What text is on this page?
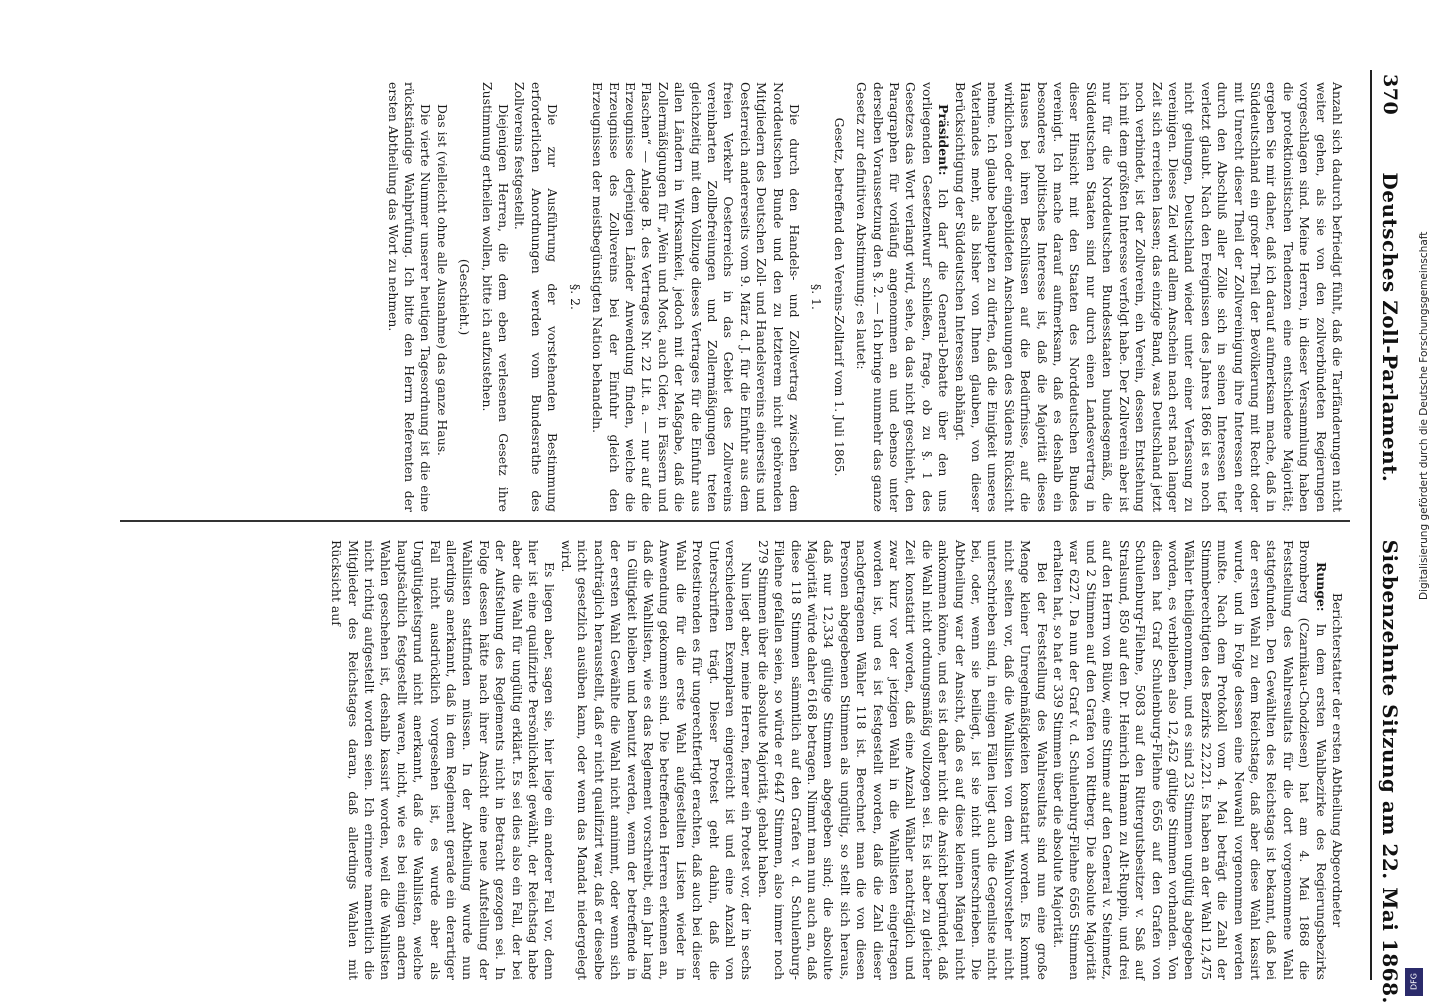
370
Deutsches Zoll-Parlament.
Siebenzehnte Sitzung am 22. Mai 1868.

Anzahl sich dadurch befriedigt fühlt, daß die Tarifänderungen nicht weiter gehen, als sie von den zollverbündeten Regierungen vorgeschlagen sind. Meine Herren, in dieser Versammlung haben die protektionistischen Tendenzen eine entschiedene Majorität; ergeben Sie mir daher, daß ich darauf aufmerksam mache, daß in Süddeutschland ein großer Theil der Bevölkerung mit Recht oder mit Unrecht dieser Theil der Zollvereinigung ihre Interessen eher durch den Abschluß aller Zölle sich in seinen Interessen tief verletzt glaubt. Nach den Ereignissen des Jahres 1866 ist es noch nicht gelungen, Deutschland wieder unter einer Verfassung zu vereinigen. Dieses Ziel wird allem Anschein nach erst nach langer Zeit sich erreichen lassen; das einzige Band, was Deutschland jetzt noch verbindet, ist der Zollverein, ein Verein, dessen Entstehung ich mit dem größten Interesse verfolgt habe. Der Zollverein aber ist nur für die Norddeutschen Bundesstaaten bundesgemäß, die Süddeutschen Staaten sind nur durch einen Landesvertrag in dieser Hinsicht mit den Staaten des Norddeutschen Bundes vereinigt. Ich mache darauf aufmerksam, daß es deshalb ein besonderes politisches Interesse ist, daß die Majorität dieses Hauses bei ihren Beschlüssen auf die Bedürfnisse, auf die wirklichen oder eingebildeten Anschauungen des Südens Rücksicht nehme. Ich glaube behaupten zu dürfen, daß die Einigkeit unseres Vaterlandes mehr, als bisher von Ihnen glauben, von dieser Berücksichtigung der Süddeutschen Interessen abhängt.

Präsident: Ich darf die General-Debatte über den uns vorliegenden Gesetzentwurf schließen, frage, ob zu §. 1 des Gesetzes das Wort verlangt wird, sehe, da das nicht geschieht, den Paragraphen für vorläufig angenommen an und ebenso unter derselben Voraussetzung den §. 2. — Ich bringe nunmehr das ganze Gesetz zur definitiven Abstimmung; es lautet:

Gesetz, betreffend den Vereins-Zolltarif vom 1. Juli 1865.
§. 1.

Die durch den Handels- und Zollvertrag zwischen dem Norddeutschen Bunde und den zu letzterem nicht gehörenden Mitgliedern des Deutschen Zoll- und Handelsvereins einerseits und Oesterreich andererseits vom 9. März d. J. für die Einfuhr aus dem freien Verkehr Oesterreichs in das Gebiet des Zollvereins vereinbarten Zollbefreiungen und Zollermäßigungen treten gleichzeitig mit dem Vollzuge dieses Vertrages für die Einfuhr aus allen Ländern in Wirksamkeit, jedoch mit der Maßgabe, daß die Zollermäßigungen für „Wein und Most, auch Cider, in Fässern und Flaschen“ — Anlage B. des Vertrages Nr. 22 Lit. a. — nur auf die Erzeugnisse derjenigen Länder Anwendung finden, welche die Erzeugnisse des Zollvereins bei der Einfuhr gleich den Erzeugnissen der meistbegünstigten Nation behandeln.

§. 2.

Die zur Ausführung der vorstehenden Bestimmung erforderlichen Anordnungen werden vom Bundesrathe des Zollvereins festgestellt.

Diejenigen Herren, die dem eben verlesenen Gesetz ihre Zustimmung ertheilen wollen, bitte ich aufzustehen.

(Geschieht.)

Das ist (vielleicht ohne alle Ausnahme) das ganze Haus.

Die vierte Nummer unserer heutigen Tagesordnung ist die eine rückständige Wahlprüfung. Ich bitte den Herrn Referenten der ersten Abtheilung das Wort zu nehmen.

Digitalisierung gefördert durch die Deutsche Forschungsgemeinschaft
DFG

Berichterstatter der ersten Abtheilung Abgeordneter

Runge: In dem ersten Wahlbezirke des Regierungsbezirks Bromberg (Czarnikau-Chodziesen) hat am 4. Mai 1868 die Feststellung des Wahlresultats für die dort vorgenommene Wahl stattgefunden. Den Gewählten des Reichstags ist bekannt, daß bei der ersten Wahl zu dem Reichstage, daß aber diese Wahl kassirt wurde, und in Folge dessen eine Neuwahl vorgenommen werden mußte. Nach dem Protokoll vom 4. Mai beträgt die Zahl der Stimmberechtigten des Bezirks 22,221. Es haben an der Wahl 12,475 Wähler theilgenommen, und es sind 23 Stimmen ungültig abgegeben worden, es verblieben also 12,452 gültige Stimmen vorhanden. Von diesen hat Graf Schulenburg-Filehne 6565 auf den Grafen von Schulenburg-Filehne, 5083 auf den Rittergutsbesitzer v. Saß auf Stralsund, 850 auf den Dr. Heinrich Hamann zu Alt-Ruppin, und drei auf den Herrn von Bülow, eine Stimme auf den General v. Steinmetz, und 2 Stimmen auf den Grafen von Rittberg. Die absolute Majorität war 6227. Da nun der Graf v. d. Schulenburg-Filehne 6565 Stimmen erhalten hat, so hat er 339 Stimmen über die absolute Majorität.

Bei der Feststellung des Wahlresultats sind nun eine große Menge kleiner Unregelmäßigkeiten konstatirt worden. Es kommt nicht selten vor, daß die Wahllisten von dem Wahlvorsteher nicht unterschrieben sind, in einigen Fällen liegt auch die Gegenliste nicht bei, oder, wenn sie beiliegt, ist sie nicht unterschrieben. Die Abtheilung war der Ansicht, daß es auf diese kleinen Mängel nicht ankommen könne, und es ist daher nicht die Ansicht begründet, daß die Wahl nicht ordnungsmäßig vollzogen sei. Es ist aber zu gleicher Zeit konstatirt worden, daß eine Anzahl Wähler nachträglich und zwar kurz vor der jetzigen Wahl in die Wahllisten eingetragen worden ist, und es ist festgestellt worden, daß die Zahl dieser nachgetragenen Wähler 118 ist. Berechnet man die von diesen Personen abgegebenen Stimmen als ungültig, so stellt sich heraus, daß nur 12,334 gültige Stimmen abgegeben sind; die absolute Majorität würde daher 6168 betragen. Nimmt man nun auch an, daß diese 118 Stimmen sämmtlich auf den Grafen v. d. Schulenburg-Filehne gefallen seien, so würde er 6447 Stimmen, also immer noch 279 Stimmen über die absolute Majorität, gehabt haben.

Nun liegt aber, meine Herren, ferner ein Protest vor, der in sechs verschiedenen Exemplaren eingereicht ist und eine Anzahl von Unterschriften trägt. Dieser Protest geht dahin, daß die Protestirenden es für ungerechtfertigt erachten, daß auch bei dieser Wahl die für die erste Wahl aufgestellten Listen wieder in Anwendung gekommen sind. Die betreffenden Herren erkennen an, daß die Wahllisten, wie es das Reglement vorschreibt, ein Jahr lang in Gültigkeit bleiben und benutzt werden, wenn der betreffende in der ersten Wahl Gewählte die Wahl nicht annimmt, oder wenn sich nachträglich herausstellt, daß er nicht qualifizirt war, daß er dieselbe nicht gesetzlich ausüben kann, oder wenn das Mandat niedergelegt wird.

Es liegen aber, sagen sie, hier liege ein anderer Fall vor, denn hier ist eine qualifizirte Persönlichkeit gewählt, der Reichstag habe aber die Wahl für ungültig erklärt. Es sei dies also ein Fall, der bei der Aufstellung des Reglements nicht in Betracht gezogen sei. In Folge dessen hätte nach ihrer Ansicht eine neue Aufstellung der Wahllisten stattfinden müssen. In der Abtheilung wurde nun allerdings anerkannt, daß in dem Reglement gerade ein derartiger Fall nicht ausdrücklich vorgesehen ist, es wurde aber als Ungültigkeitsgrund nicht anerkannt, daß die Wahllisten, welche hauptsächlich festgestellt waren, nicht, wie es bei einigen andern Wahlen geschehen ist, deshalb kassirt worden, weil die Wahllisten nicht richtig aufgestellt worden seien. Ich erinnere namentlich die Mitglieder des Reichstages daran, daß allerdings Wahlen mit Rücksicht auf
